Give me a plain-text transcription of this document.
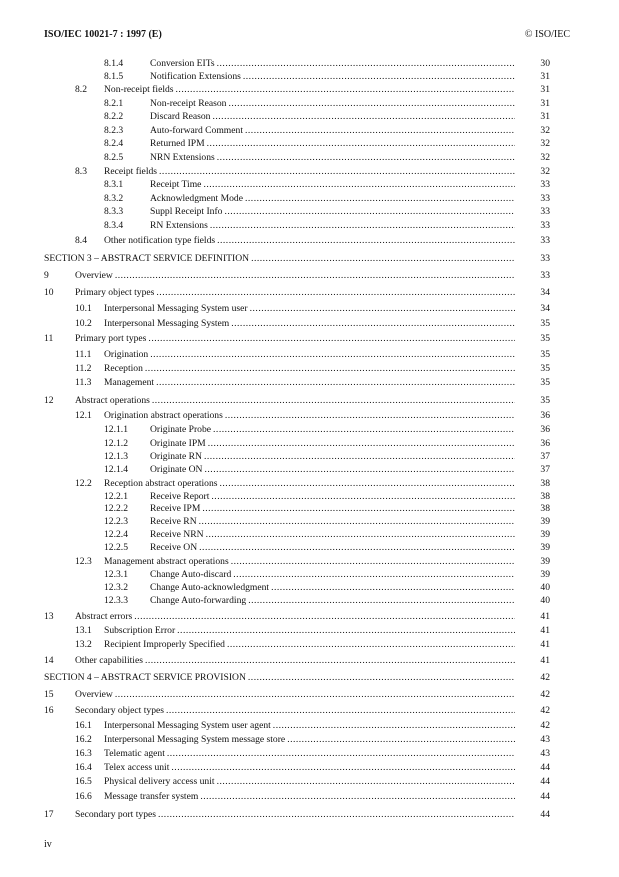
ISO/IEC 10021-7 : 1997 (E)	© ISO/IEC
8.1.4	Conversion EITs .....	30
8.1.5	Notification Extensions .....	31
8.2 Non-receipt fields .....	31
8.2.1	Non-receipt Reason .....	31
8.2.2	Discard Reason .....	31
8.2.3	Auto-forward Comment .....	32
8.2.4	Returned IPM .....	32
8.2.5	NRN Extensions .....	32
8.3 Receipt fields .....	32
8.3.1	Receipt Time .....	33
8.3.2	Acknowledgment Mode .....	33
8.3.3	Suppl Receipt Info .....	33
8.3.4	RN Extensions .....	33
8.4 Other notification type fields .....	33
SECTION 3 – ABSTRACT SERVICE DEFINITION .....	33
9	Overview .....	33
10 Primary object types .....	34
10.1 Interpersonal Messaging System user .....	34
10.2 Interpersonal Messaging System .....	35
11 Primary port types .....	35
11.1 Origination .....	35
11.2 Reception .....	35
11.3 Management .....	35
12 Abstract operations .....	35
12.1 Origination abstract operations .....	36
12.1.1 Originate Probe .....	36
12.1.2 Originate IPM .....	36
12.1.3 Originate RN .....	37
12.1.4 Originate ON .....	37
12.2 Reception abstract operations .....	38
12.2.1 Receive Report .....	38
12.2.2 Receive IPM .....	38
12.2.3 Receive RN .....	39
12.2.4 Receive NRN .....	39
12.2.5 Receive ON .....	39
12.3 Management abstract operations .....	39
12.3.1 Change Auto-discard .....	39
12.3.2 Change Auto-acknowledgment .....	40
12.3.3 Change Auto-forwarding .....	40
13 Abstract errors .....	41
13.1 Subscription Error .....	41
13.2 Recipient Improperly Specified .....	41
14 Other capabilities .....	41
SECTION 4 – ABSTRACT SERVICE PROVISION .....	42
15 Overview .....	42
16 Secondary object types .....	42
16.1 Interpersonal Messaging System user agent .....	42
16.2 Interpersonal Messaging System message store .....	43
16.3 Telematic agent .....	43
16.4 Telex access unit .....	44
16.5 Physical delivery access unit .....	44
16.6 Message transfer system .....	44
17 Secondary port types .....	44
iv
